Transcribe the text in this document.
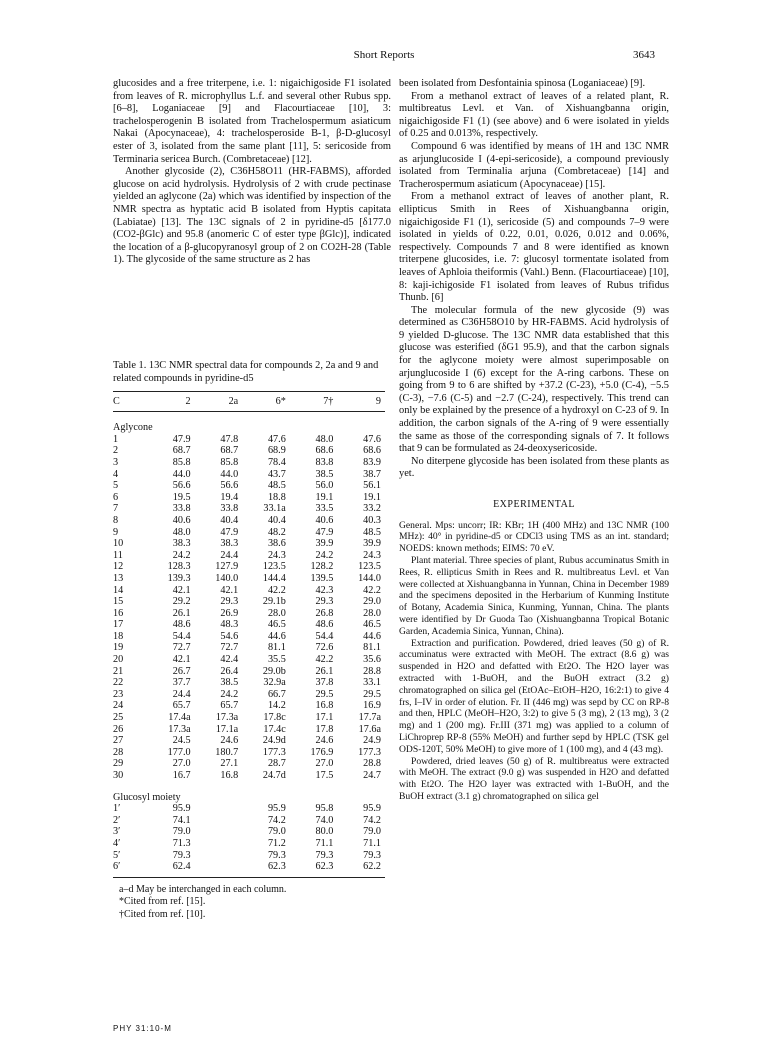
Short Reports	3643

glucosides and a free triterpene, i.e. 1: nigaichigoside F1 isolated from leaves of R. microphyllus L.f. and several other Rubus spp. [6–8], Loganiaceae [9] and Flacourtiaceae [10], 3: trachelosperogenin B isolated from Trachelospermum asiaticum Nakai (Apocynaceae), 4: trachelosperoside B-1, β-D-glucosyl ester of 3, isolated from the same plant [11], 5: sericoside from Terminaria sericea Burch. (Combretaceae) [12].

Another glycoside (2), C36H58O11 (HR-FABMS), afforded glucose on acid hydrolysis. Hydrolysis of 2 with crude pectinase yielded an aglycone (2a) which was identified by inspection of the NMR spectra as hyptatic acid B isolated from Hyptis capitata (Labiatae) [13]. The 13C signals of 2 in pyridine-d5 [δ177.0 (CO2-βGlc) and 95.8 (anomeric C of ester type βGlc)], indicated the location of a β-glucopyranosyl group of 2 on CO2H-28 (Table 1). The glycoside of the same structure as 2 has

Table 1. 13C NMR spectral data for compounds 2, 2a and 9 and related compounds in pyridine-d5
C	2	2a	6*	7†	9
Aglycone					
1	47.9	47.8	47.6	48.0	47.6
2	68.7	68.7	68.9	68.6	68.6
3	85.8	85.8	78.4	83.8	83.9
4	44.0	44.0	43.7	38.5	38.7
5	56.6	56.6	48.5	56.0	56.1
6	19.5	19.4	18.8	19.1	19.1
7	33.8	33.8	33.1a	33.5	33.2
8	40.6	40.4	40.4	40.6	40.3
9	48.0	47.9	48.2	47.9	48.5
10	38.3	38.3	38.6	39.9	39.9
11	24.2	24.4	24.3	24.2	24.3
12	128.3	127.9	123.5	128.2	123.5
13	139.3	140.0	144.4	139.5	144.0
14	42.1	42.1	42.2	42.3	42.2
15	29.2	29.3	29.1b	29.3	29.0
16	26.1	26.9	28.0	26.8	28.0
17	48.6	48.3	46.5	48.6	46.5
18	54.4	54.6	44.6	54.4	44.6
19	72.7	72.7	81.1	72.6	81.1
20	42.1	42.4	35.5	42.2	35.6
21	26.7	26.4	29.0b	26.1	28.8
22	37.7	38.5	32.9a	37.8	33.1
23	24.4	24.2	66.7	29.5	29.5
24	65.7	65.7	14.2	16.8	16.9
25	17.4a	17.3a	17.8c	17.1	17.7a
26	17.3a	17.1a	17.4c	17.8	17.6a
27	24.5	24.6	24.9d	24.6	24.9
28	177.0	180.7	177.3	176.9	177.3
29	27.0	27.1	28.7	27.0	28.8
30	16.7	16.8	24.7d	17.5	24.7
Glucosyl moiety					
1′	95.9		95.9	95.8	95.9
2′	74.1		74.2	74.0	74.2
3′	79.0		79.0	80.0	79.0
4′	71.3		71.2	71.1	71.1
5′	79.3		79.3	79.3	79.3
6′	62.4		62.3	62.3	62.2
a–d May be interchanged in each column.
*Cited from ref. [15].
†Cited from ref. [10].

been isolated from Desfontainia spinosa (Loganiaceae) [9].

From a methanol extract of leaves of a related plant, R. multibreatus Levl. et Van. of Xishuangbanna origin, nigaichigoside F1 (1) (see above) and 6 were isolated in yields of 0.25 and 0.013%, respectively.

Compound 6 was identified by means of 1H and 13C NMR as arjunglucoside I (4-epi-sericoside), a compound previously isolated from Terminalia arjuna (Combretaceae) [14] and Tracherospermum asiaticum (Apocynaceae) [15].

From a methanol extract of leaves of another plant, R. ellipticus Smith in Rees of Xishuangbanna origin, nigaichigoside F1 (1), sericoside (5) and compounds 7–9 were isolated in yields of 0.22, 0.01, 0.026, 0.012 and 0.06%, respectively. Compounds 7 and 8 were identified as known triterpene glucosides, i.e. 7: glucosyl tormentate isolated from leaves of Aphloia theiformis (Vahl.) Benn. (Flacourtiaceae) [10], 8: kaji-ichigoside F1 isolated from leaves of Rubus trifidus Thunb. [6]

The molecular formula of the new glycoside (9) was determined as C36H58O10 by HR-FABMS. Acid hydrolysis of 9 yielded D-glucose. The 13C NMR data established that this glucose was esterified (δG1 95.9), and that the carbon signals for the aglycone moiety were almost superimposable on arjunglucoside I (6) except for the A-ring carbons. These on going from 9 to 6 are shifted by +37.2 (C-23), +5.0 (C-4), −5.5 (C-3), −7.6 (C-5) and −2.7 (C-24), respectively. This trend can only be explained by the presence of a hydroxyl on C-23 of 9. In addition, the carbon signals of the A-ring of 9 were essentially the same as those of the corresponding signals of 7. It follows that 9 can be formulated as 24-deoxysericoside.

No diterpene glycoside has been isolated from these plants as yet.

EXPERIMENTAL

General. Mps: uncorr; IR: KBr; 1H (400 MHz) and 13C NMR (100 MHz): 40° in pyridine-d5 or CDCl3 using TMS as an int. standard; NOEDS: known methods; EIMS: 70 eV.

Plant material. Three species of plant, Rubus accuminatus Smith in Rees, R. ellipticus Smith in Rees and R. multibreatus Levl. et Van were collected at Xishuangbanna in Yunnan, China in December 1989 and the specimens deposited in the Herbarium of Kunming Institute of Botany, Academia Sinica, Kunming, Yunnan, China. The plants were identified by Dr Guoda Tao (Xishuangbanna Tropical Botanic Garden, Academia Sinica, Yunnan, China).

Extraction and purification. Powdered, dried leaves (50 g) of R. accuminatus were extracted with MeOH. The extract (8.6 g) was suspended in H2O and defatted with Et2O. The H2O layer was extracted with 1-BuOH, and the BuOH extract (3.2 g) chromatographed on silica gel (EtOAc–EtOH–H2O, 16:2:1) to give 4 frs, I–IV in order of elution. Fr. II (446 mg) was sepd by CC on RP-8 and then, HPLC (MeOH–H2O, 3:2) to give 5 (3 mg), 2 (13 mg), 3 (2 mg) and 1 (200 mg). Fr.III (371 mg) was applied to a column of LiChroprep RP-8 (55% MeOH) and further sepd by HPLC (TSK gel ODS-120T, 50% MeOH) to give more of 1 (100 mg), and 4 (43 mg).

Powdered, dried leaves (50 g) of R. multibreatus were extracted with MeOH. The extract (9.0 g) was suspended in H2O and defatted with Et2O. The H2O layer was extracted with 1-BuOH, and the BuOH extract (3.1 g) chromatographed on silica gel

PHY 31:10-M
